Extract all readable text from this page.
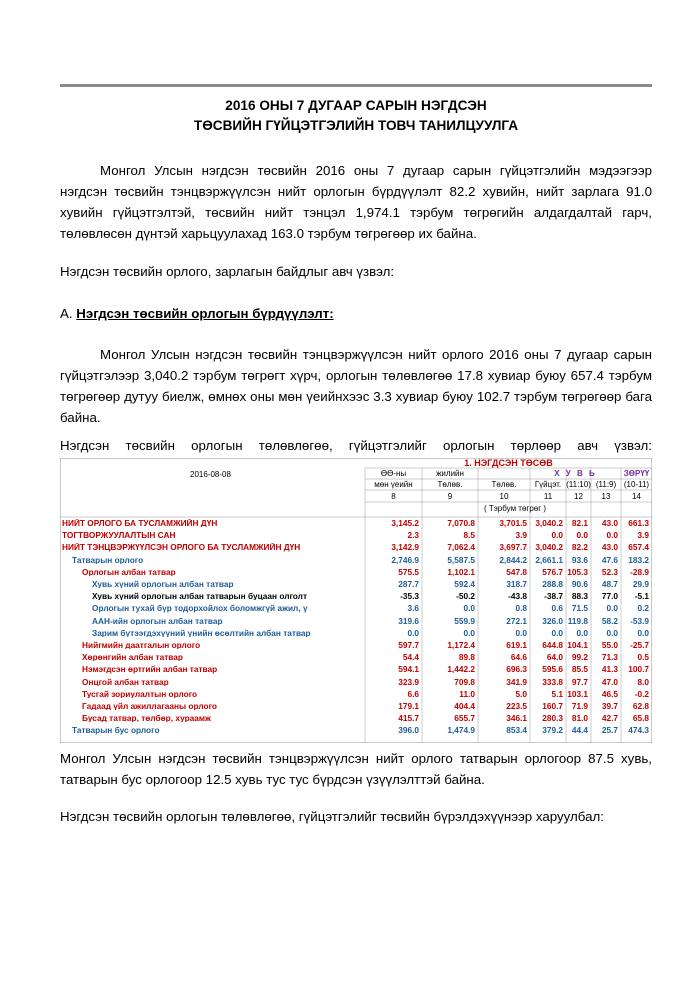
2016 ОНЫ 7 ДУГААР САРЫН НЭГДСЭН
ТӨСВИЙН ГҮЙЦЭТГЭЛИЙН ТОВЧ ТАНИЛЦУУЛГА
Монгол Улсын нэгдсэн төсвийн 2016 оны 7 дугаар сарын гүйцэтгэлийн мэдээгээр нэгдсэн төсвийн тэнцвэржүүлсэн нийт орлогын бүрдүүлэлт 82.2 хувийн, нийт зарлага 91.0 хувийн гүйцэтгэлтэй, төсвийн нийт тэнцэл 1,974.1 тэрбум төгрөгийн алдагдалтай гарч, төлөвлөсөн дүнтэй харьцуулахад 163.0 тэрбум төгрөгөөр их байна.
Нэгдсэн төсвийн орлого, зарлагын байдлыг авч үзвэл:
А. Нэгдсэн төсвийн орлогын бүрдүүлэлт:
Монгол Улсын нэгдсэн төсвийн тэнцвэржүүлсэн нийт орлого 2016 оны 7 дугаар сарын гүйцэтгэлээр 3,040.2 тэрбум төгрөгт хүрч, орлогын төлөвлөгөө 17.8 хувиар буюу 657.4 тэрбум төгрөгөөр дутуу биелж, өмнөх оны мөн үеийнхээс 3.3 хувиар буюу 102.7 тэрбум төгрөгөөр бага байна.
Нэгдсэн төсвийн орлогын төлөвлөгөө, гүйцэтгэлийг орлогын төрлөөр авч үзвэл:
1. НЭГДСЭН ТӨСӨВ
2016-08-08	ӨӨ-ны	жилийн	Х У В Ь	ЗӨРҮҮ
мөн үеийн	Төлөв.	Төлөв.	Гүйцэт. (11:10) (11:9) (10-11)
8	9	10	11	12	13	14
( Тэрбум төгрөг )
НИЙТ ОРЛОГО БА ТУСЛАМЖИЙН ДҮН	3,145.2	7,070.8	3,701.5	3,040.2	82.1	43.0	661.3
ТОГТВОРЖУУЛАЛТЫН САН	2.3	8.5	3.9	0.0	0.0	0.0	3.9
НИЙТ ТЭНЦВЭРЖҮҮЛСЭН ОРЛОГО БА ТУСЛАМЖИЙН ДҮН	3,142.9	7,062.4	3,697.7	3,040.2	82.2	43.0	657.4
Татварын орлого	2,746.9	5,587.5	2,844.2	2,661.1	93.6	47.6	183.2
Орлогын албан татвар	575.5	1,102.1	547.8	576.7 105.3	52.3	-28.9
Хувь хүний орлогын албан татвар	287.7	592.4	318.7	288.8	90.6	48.7	29.9
Хувь хүний орлогын албан татварын буцаан олголт	-35.3	-50.2	-43.8	-38.7	88.3	77.0	-5.1
Орлогын тухай бүр тодорхойлох боломжгүй ажил, ү	3.6	0.0	0.8	0.6	71.5	0.0	0.2
ААН-ийн орлогын албан татвар	319.6	559.9	272.1	326.0 119.8	58.2	-53.9
Зарим бүтээгдэхүүний үнийн өсөлтийн албан татвар	0.0	0.0	0.0	0.0	0.0	0.0	0.0
Нийгмийн даатгалын орлого	597.7	1,172.4	619.1	644.8 104.1	55.0	-25.7
Хөрөнгийн албан татвар	54.4	89.8	64.6	64.0	99.2	71.3	0.5
Нэмэгдсэн өртгийн албан татвар	594.1	1,442.2	696.3	595.6	85.5	41.3	100.7
Онцгой албан татвар	323.9	709.8	341.9	333.8	97.7	47.0	8.0
Тусгай зориулалтын орлого	6.6	11.0	5.0	5.1 103.1	46.5	-0.2
Гадаад үйл ажиллагааны орлого	179.1	404.4	223.5	160.7	71.9	39.7	62.8
Бусад татвар, төлбөр, хураамж	415.7	655.7	346.1	280.3	81.0	42.7	65.8
Татварын бус орлого	396.0	1,474.9	853.4	379.2	44.4	25.7	474.3
Монгол Улсын нэгдсэн төсвийн тэнцвэржүүлсэн нийт орлого татварын орлогоор 87.5 хувь, татварын бус орлогоор 12.5 хувь тус тус бүрдсэн үзүүлэлттэй байна.
Нэгдсэн төсвийн орлогын төлөвлөгөө, гүйцэтгэлийг төсвийн бүрэлдэхүүнээр харуулбал:
